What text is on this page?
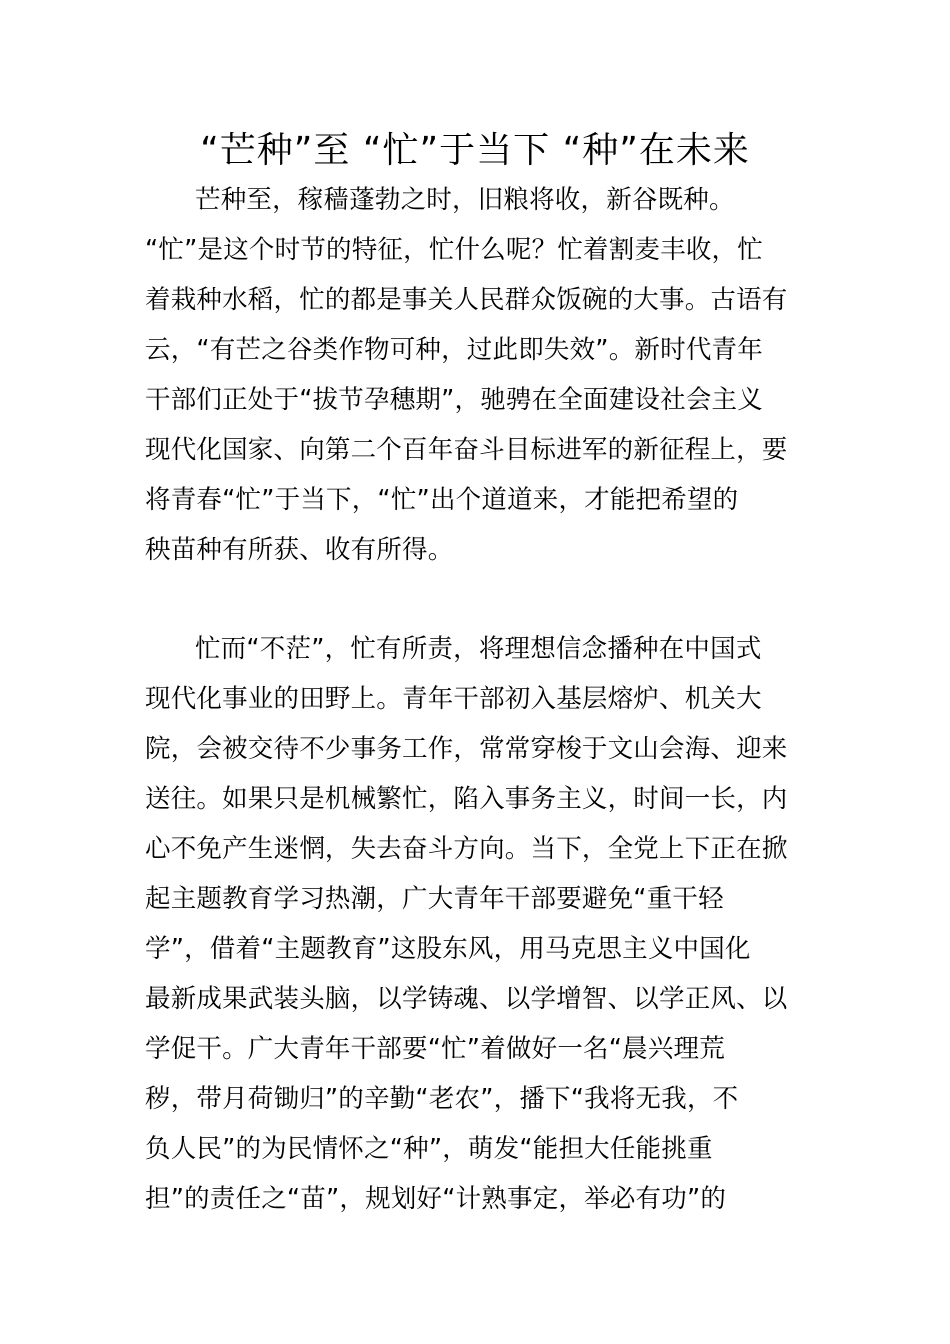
“芒种”至 “忙”于当下 “种”在未来
芒种至，稼穑蓬勃之时，旧粮将收，新谷既种。
“忙”是这个时节的特征，忙什么呢？忙着割麦丰收，忙
着栽种水稻，忙的都是事关人民群众饭碗的大事。古语有
云，“有芒之谷类作物可种，过此即失效”。新时代青年
干部们正处于“拔节孕穗期”，驰骋在全面建设社会主义
现代化国家、向第二个百年奋斗目标进军的新征程上，要
将青春“忙”于当下，“忙”出个道道来，才能把希望的
秧苗种有所获、收有所得。
忙而“不茫”，忙有所责，将理想信念播种在中国式
现代化事业的田野上。青年干部初入基层熔炉、机关大
院，会被交待不少事务工作，常常穿梭于文山会海、迎来
送往。如果只是机械繁忙，陷入事务主义，时间一长，内
心不免产生迷惘，失去奋斗方向。当下，全党上下正在掀
起主题教育学习热潮，广大青年干部要避免“重干轻
学”，借着“主题教育”这股东风，用马克思主义中国化
最新成果武装头脑，以学铸魂、以学增智、以学正风、以
学促干。广大青年干部要“忙”着做好一名“晨兴理荒
秽，带月荷锄归”的辛勤“老农”，播下“我将无我，不
负人民”的为民情怀之“种”，萌发“能担大任能挑重
担”的责任之“苗”，规划好“计熟事定，举必有功”的
